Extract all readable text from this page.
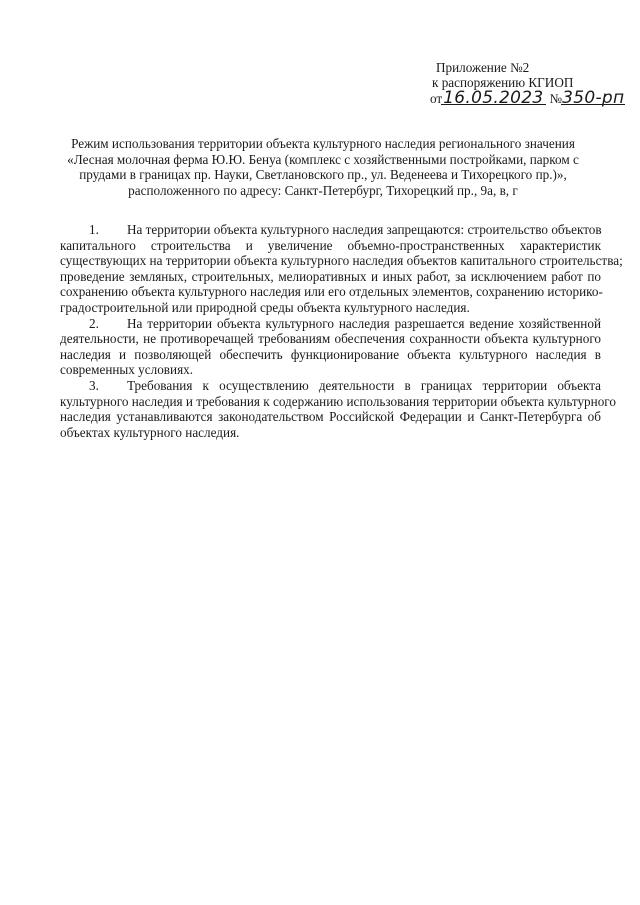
Приложение №2
к распоряжению КГИОП
от 16.05.2023 № 350-рп
Режим использования территории объекта культурного наследия регионального значения
«Лесная молочная ферма Ю.Ю. Бенуа (комплекс с хозяйственными постройками, парком с
прудами в границах пр. Науки, Светлановского пр., ул. Веденеева и Тихорецкого пр.)»,
расположенного по адресу: Санкт-Петербург, Тихорецкий пр., 9а, в, г
1. На территории объекта культурного наследия запрещаются: строительство объектов
капитального строительства и увеличение объемно-пространственных характеристик
существующих на территории объекта культурного наследия объектов капитального строительства;
проведение земляных, строительных, мелиоративных и иных работ, за исключением работ по
сохранению объекта культурного наследия или его отдельных элементов, сохранению историко-
градостроительной или природной среды объекта культурного наследия.
2. На территории объекта культурного наследия разрешается ведение хозяйственной
деятельности, не противоречащей требованиям обеспечения сохранности объекта культурного
наследия и позволяющей обеспечить функционирование объекта культурного наследия в
современных условиях.
3. Требования к осуществлению деятельности в границах территории объекта
культурного наследия и требования к содержанию использования территории объекта культурного
наследия устанавливаются законодательством Российской Федерации и Санкт-Петербурга об
объектах культурного наследия.
